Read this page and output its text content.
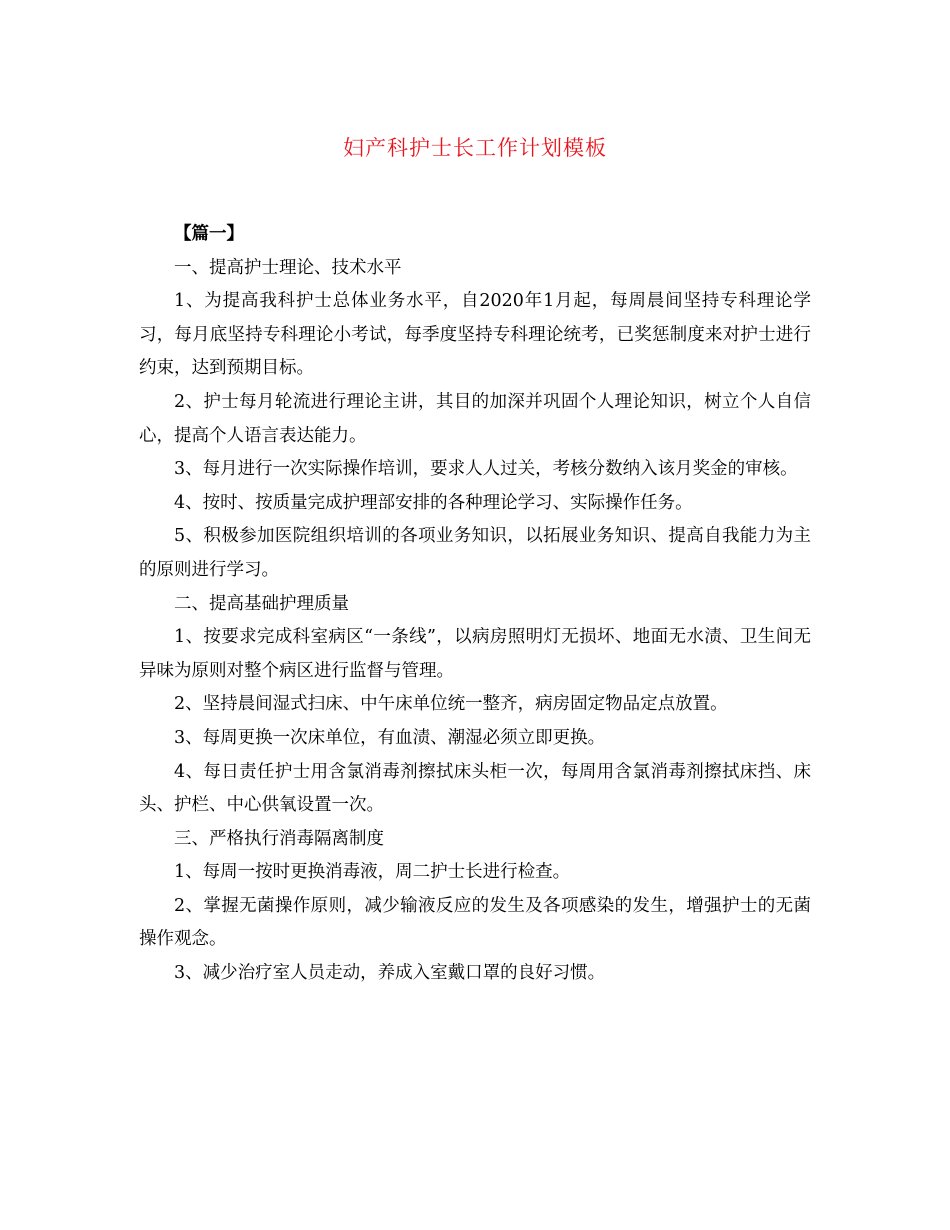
妇产科护士长工作计划模板

【篇一】

一、提高护士理论、技术水平

1、为提高我科护士总体业务水平，自2020年1月起，每周晨间坚持专科理论学习，每月底坚持专科理论小考试，每季度坚持专科理论统考，已奖惩制度来对护士进行约束，达到预期目标。

2、护士每月轮流进行理论主讲，其目的加深并巩固个人理论知识，树立个人自信心，提高个人语言表达能力。

3、每月进行一次实际操作培训，要求人人过关，考核分数纳入该月奖金的审核。

4、按时、按质量完成护理部安排的各种理论学习、实际操作任务。

5、积极参加医院组织培训的各项业务知识，以拓展业务知识、提高自我能力为主的原则进行学习。

二、提高基础护理质量

1、按要求完成科室病区“一条线”，以病房照明灯无损坏、地面无水渍、卫生间无异味为原则对整个病区进行监督与管理。

2、坚持晨间湿式扫床、中午床单位统一整齐，病房固定物品定点放置。

3、每周更换一次床单位，有血渍、潮湿必须立即更换。

4、每日责任护士用含氯消毒剂擦拭床头柜一次，每周用含氯消毒剂擦拭床挡、床头、护栏、中心供氧设置一次。

三、严格执行消毒隔离制度

1、每周一按时更换消毒液，周二护士长进行检查。

2、掌握无菌操作原则，减少输液反应的发生及各项感染的发生，增强护士的无菌操作观念。

3、减少治疗室人员走动，养成入室戴口罩的良好习惯。
